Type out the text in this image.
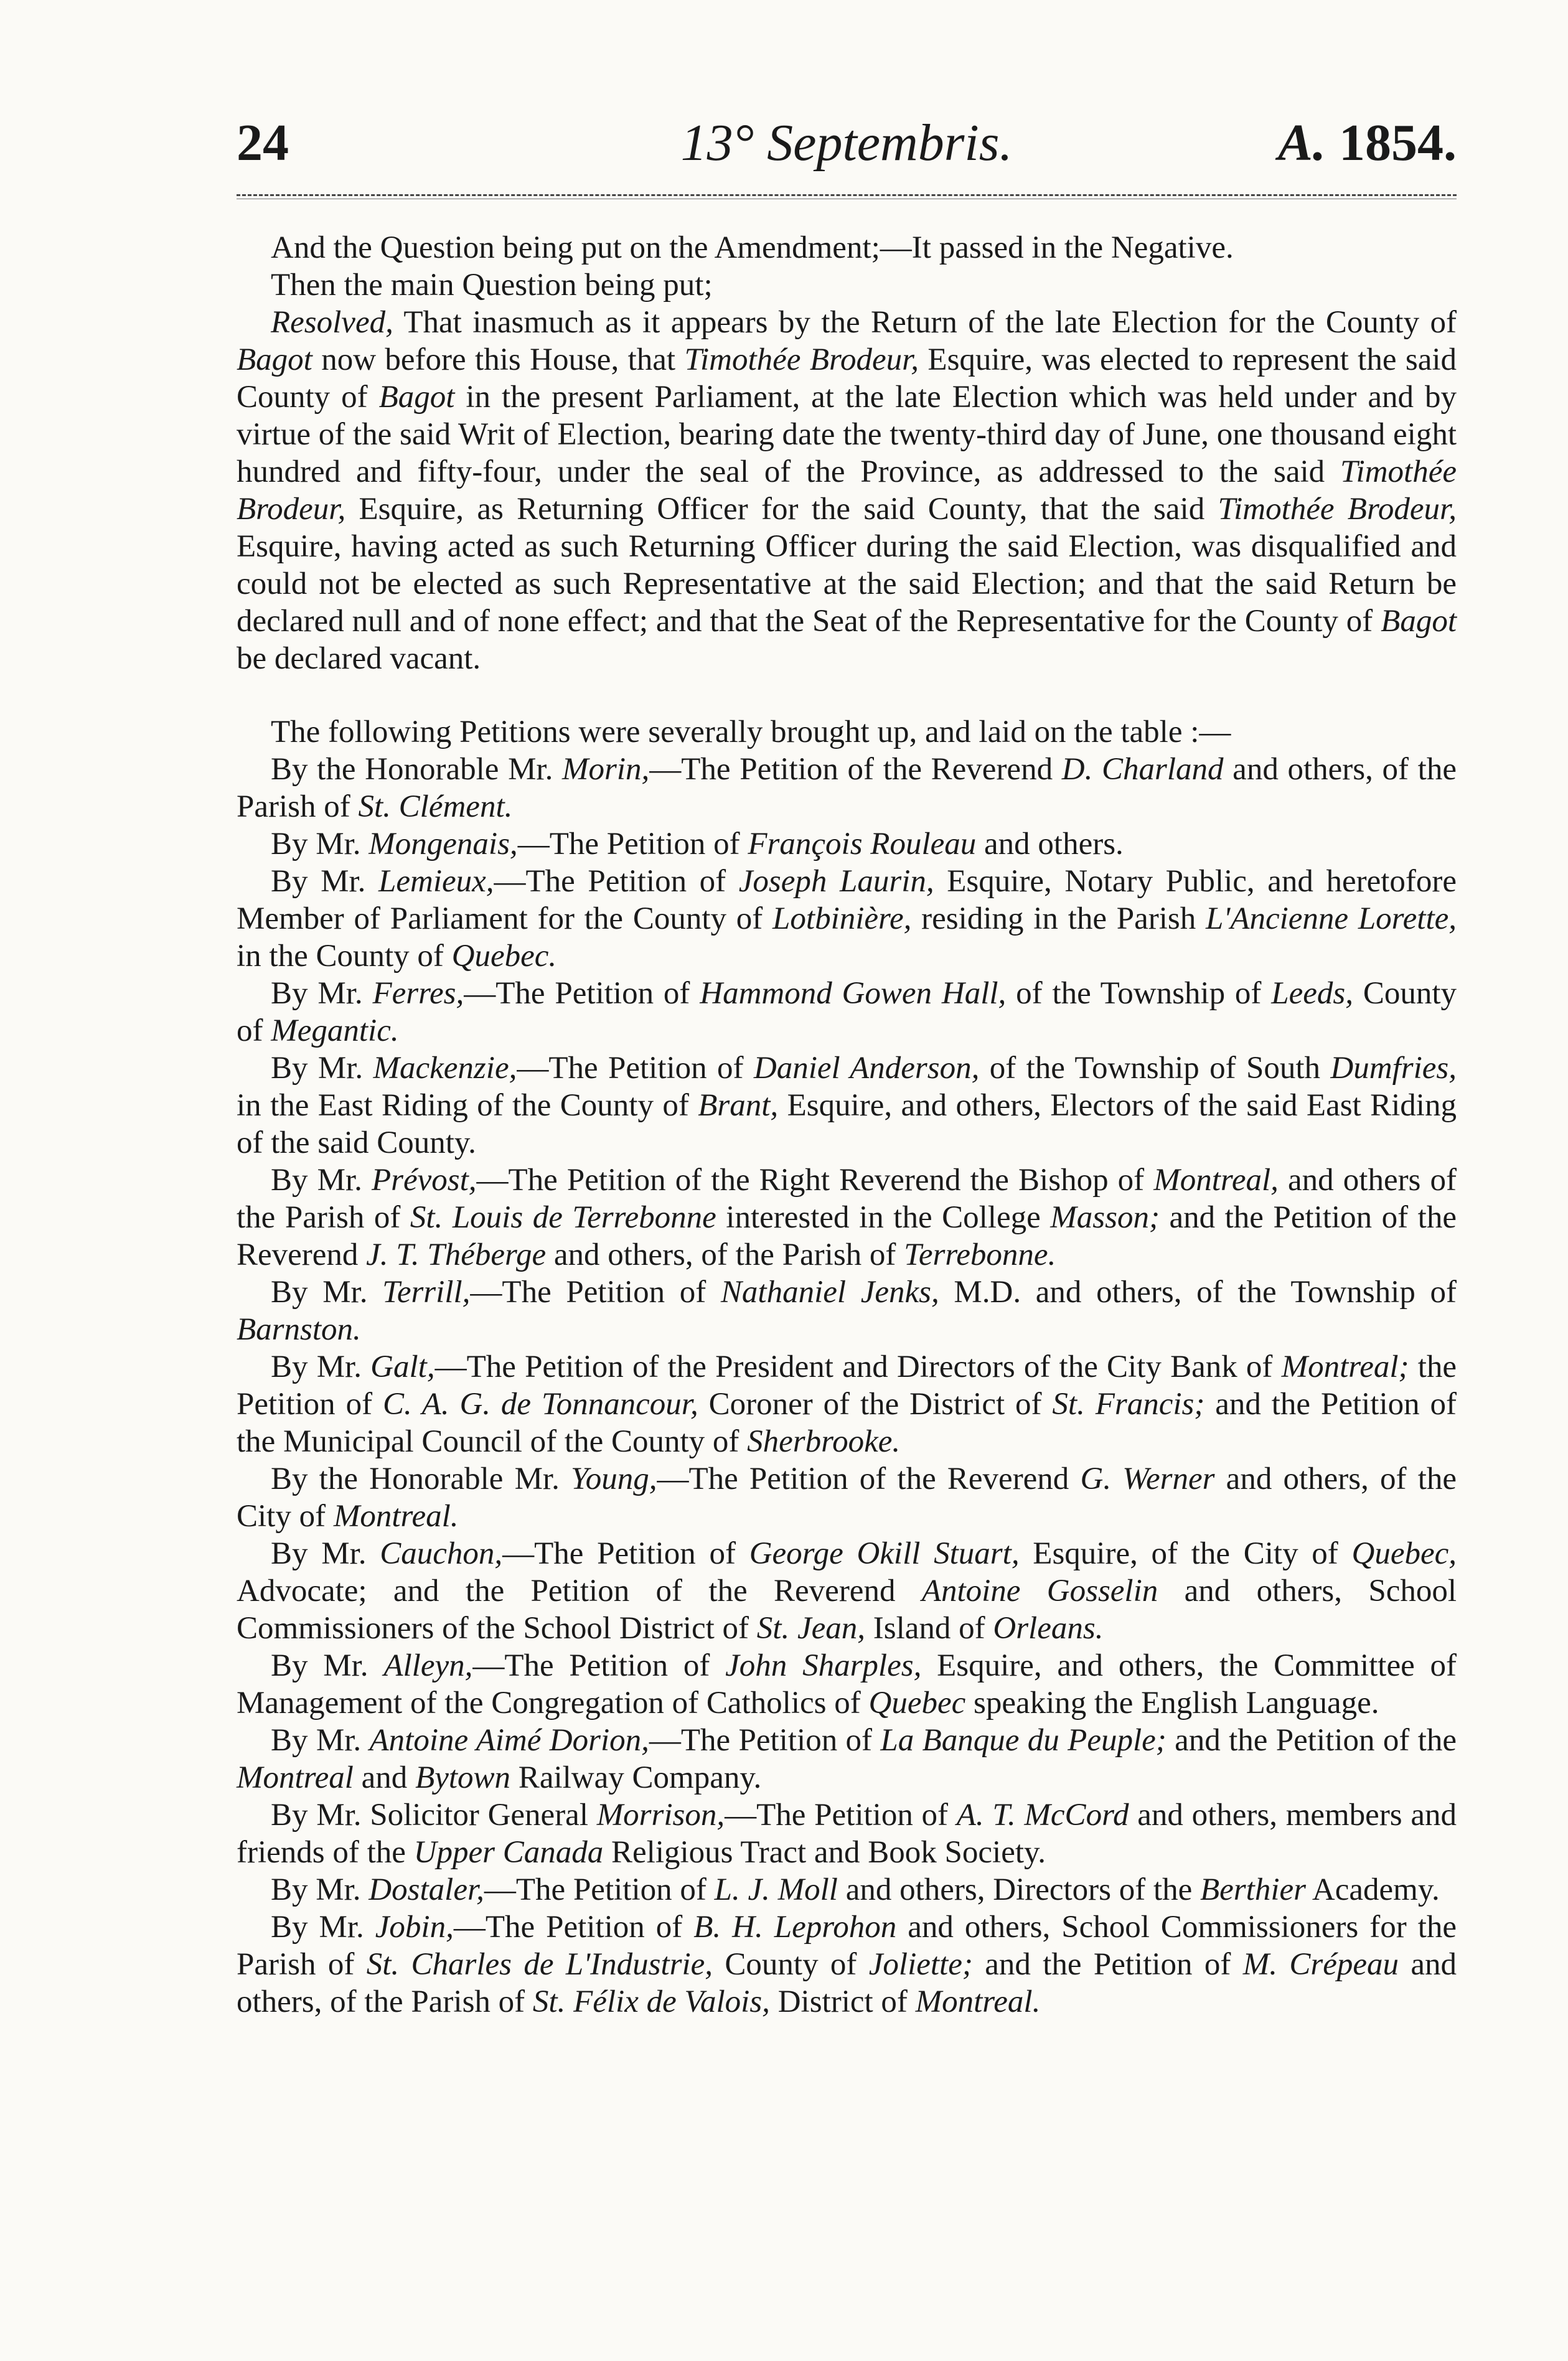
24	13° Septembris.	A. 1854.

And the Question being put on the Amendment;—It passed in the Negative.

Then the main Question being put;

Resolved, That inasmuch as it appears by the Return of the late Election for the County of Bagot now before this House, that Timothée Brodeur, Esquire, was elected to represent the said County of Bagot in the present Parliament, at the late Election which was held under and by virtue of the said Writ of Election, bearing date the twenty-third day of June, one thousand eight hundred and fifty-four, under the seal of the Province, as addressed to the said Timothée Brodeur, Esquire, as Returning Officer for the said County, that the said Timothée Brodeur, Esquire, having acted as such Returning Officer during the said Election, was disqualified and could not be elected as such Representative at the said Election; and that the said Return be declared null and of none effect; and that the Seat of the Representative for the County of Bagot be declared vacant.

The following Petitions were severally brought up, and laid on the table :—

By the Honorable Mr. Morin,—The Petition of the Reverend D. Charland and others, of the Parish of St. Clément.

By Mr. Mongenais,—The Petition of François Rouleau and others.

By Mr. Lemieux,—The Petition of Joseph Laurin, Esquire, Notary Public, and heretofore Member of Parliament for the County of Lotbinière, residing in the Parish L'Ancienne Lorette, in the County of Quebec.

By Mr. Ferres,—The Petition of Hammond Gowen Hall, of the Township of Leeds, County of Megantic.

By Mr. Mackenzie,—The Petition of Daniel Anderson, of the Township of South Dumfries, in the East Riding of the County of Brant, Esquire, and others, Electors of the said East Riding of the said County.

By Mr. Prévost,—The Petition of the Right Reverend the Bishop of Montreal, and others of the Parish of St. Louis de Terrebonne interested in the College Masson; and the Petition of the Reverend J. T. Théberge and others, of the Parish of Terrebonne.

By Mr. Terrill,—The Petition of Nathaniel Jenks, M.D. and others, of the Township of Barnston.

By Mr. Galt,—The Petition of the President and Directors of the City Bank of Montreal; the Petition of C. A. G. de Tonnancour, Coroner of the District of St. Francis; and the Petition of the Municipal Council of the County of Sherbrooke.

By the Honorable Mr. Young,—The Petition of the Reverend G. Werner and others, of the City of Montreal.

By Mr. Cauchon,—The Petition of George Okill Stuart, Esquire, of the City of Quebec, Advocate; and the Petition of the Reverend Antoine Gosselin and others, School Commissioners of the School District of St. Jean, Island of Orleans.

By Mr. Alleyn,—The Petition of John Sharples, Esquire, and others, the Committee of Management of the Congregation of Catholics of Quebec speaking the English Language.

By Mr. Antoine Aimé Dorion,—The Petition of La Banque du Peuple; and the Petition of the Montreal and Bytown Railway Company.

By Mr. Solicitor General Morrison,—The Petition of A. T. McCord and others, members and friends of the Upper Canada Religious Tract and Book Society.

By Mr. Dostaler,—The Petition of L. J. Moll and others, Directors of the Berthier Academy.

By Mr. Jobin,—The Petition of B. H. Leprohon and others, School Commissioners for the Parish of St. Charles de L'Industrie, County of Joliette; and the Petition of M. Crépeau and others, of the Parish of St. Félix de Valois, District of Montreal.
